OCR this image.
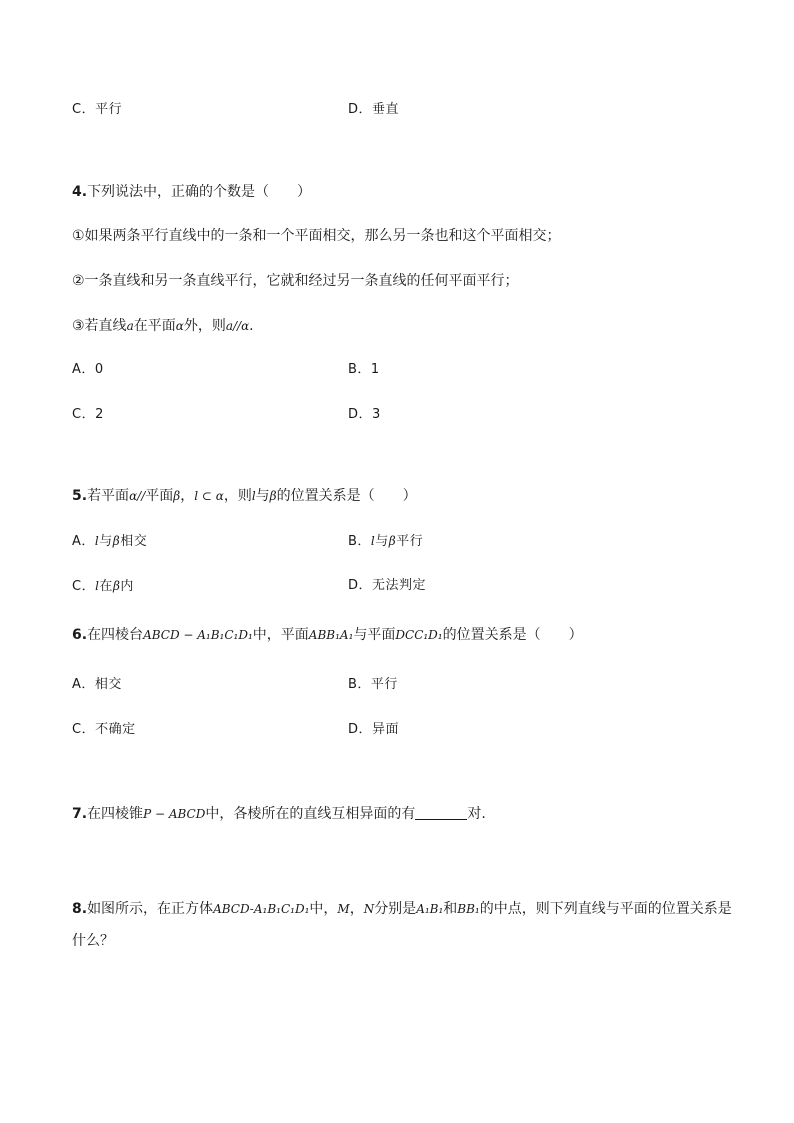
C．平行	D．垂直
4.下列说法中，正确的个数是（　　）
①如果两条平行直线中的一条和一个平面相交，那么另一条也和这个平面相交；
②一条直线和另一条直线平行，它就和经过另一条直线的任何平面平行；
③若直线a在平面α外，则a//α.
A．0	B．1
C．2	D．3
5.若平面α//平面β，l ⊂ α，则l与β的位置关系是（　　）
A．l与β相交	B．l与β平行
C．l在β内	D．无法判定
6.在四棱台ABCD − A₁B₁C₁D₁中，平面ABB₁A₁与平面DCC₁D₁的位置关系是（　　）
A．相交	B．平行
C．不确定	D．异面
7.在四棱锥P − ABCD中，各棱所在的直线互相异面的有	对.
8.如图所示，在正方体ABCD-A₁B₁C₁D₁中，M，N分别是A₁B₁和BB₁的中点，则下列直线与平面的位置关系是
什么？
